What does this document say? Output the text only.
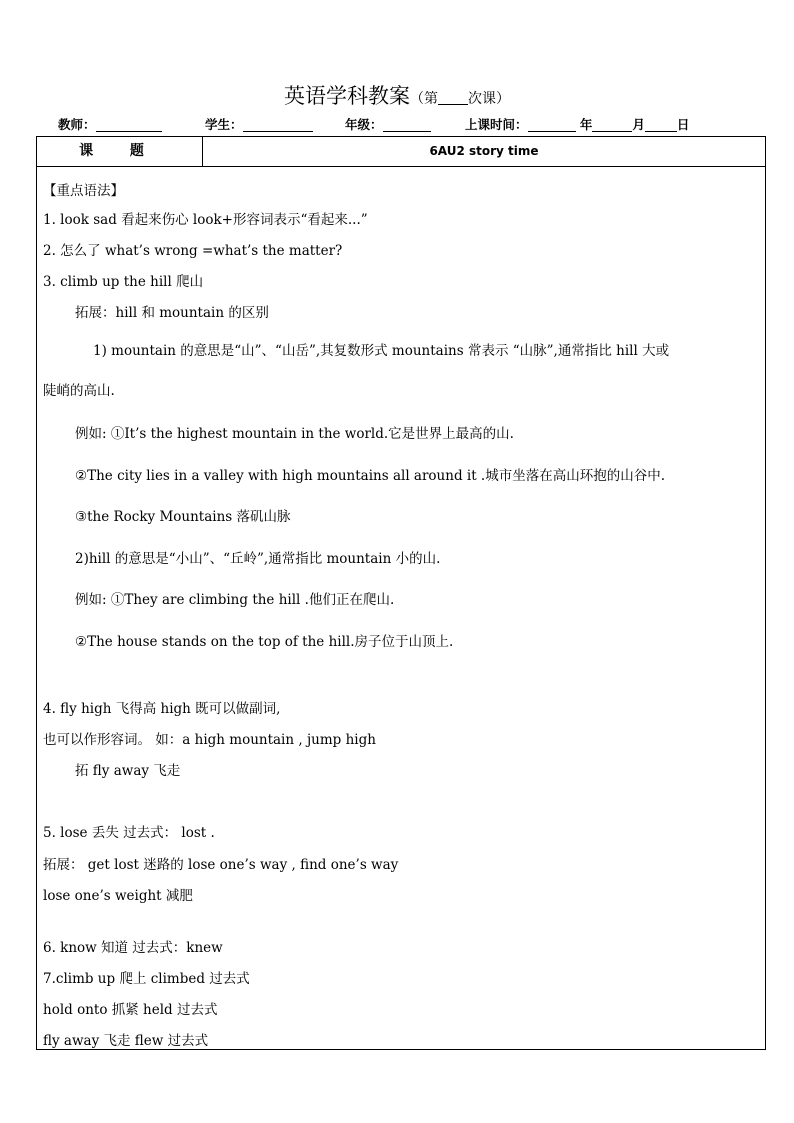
英语学科教案（第 次课）
教师：	学生：	年级：	上课时间：	年	月	日
课 题	6AU2 story time
【重点语法】
1. look sad 看起来伤心 look+形容词表示“看起来...”
2. 怎么了 what’s wrong =what’s the matter?
3. climb up the hill 爬山
拓展：hill 和 mountain 的区别
1) mountain 的意思是“山”、“山岳”,其复数形式 mountains 常表示 “山脉”,通常指比 hill 大或
陡峭的高山.
例如: ①It’s the highest mountain in the world.它是世界上最高的山.
②The city lies in a valley with high mountains all around it .城市坐落在高山环抱的山谷中.
③the Rocky Mountains 落矶山脉
2)hill 的意思是“小山”、“丘岭”,通常指比 mountain 小的山.
例如: ①They are climbing the hill .他们正在爬山.
②The house stands on the top of the hill.房子位于山顶上.
4. fly high 飞得高 high 既可以做副词,
也可以作形容词。 如：a high mountain , jump high
拓 fly away 飞走
5. lose 丢失 过去式： lost .
拓展： get lost 迷路的 lose one’s way , find one’s way
lose one’s weight 减肥
6. know 知道 过去式：knew
7.climb up 爬上 climbed 过去式
hold onto 抓紧 held 过去式
fly away 飞走 flew 过去式
